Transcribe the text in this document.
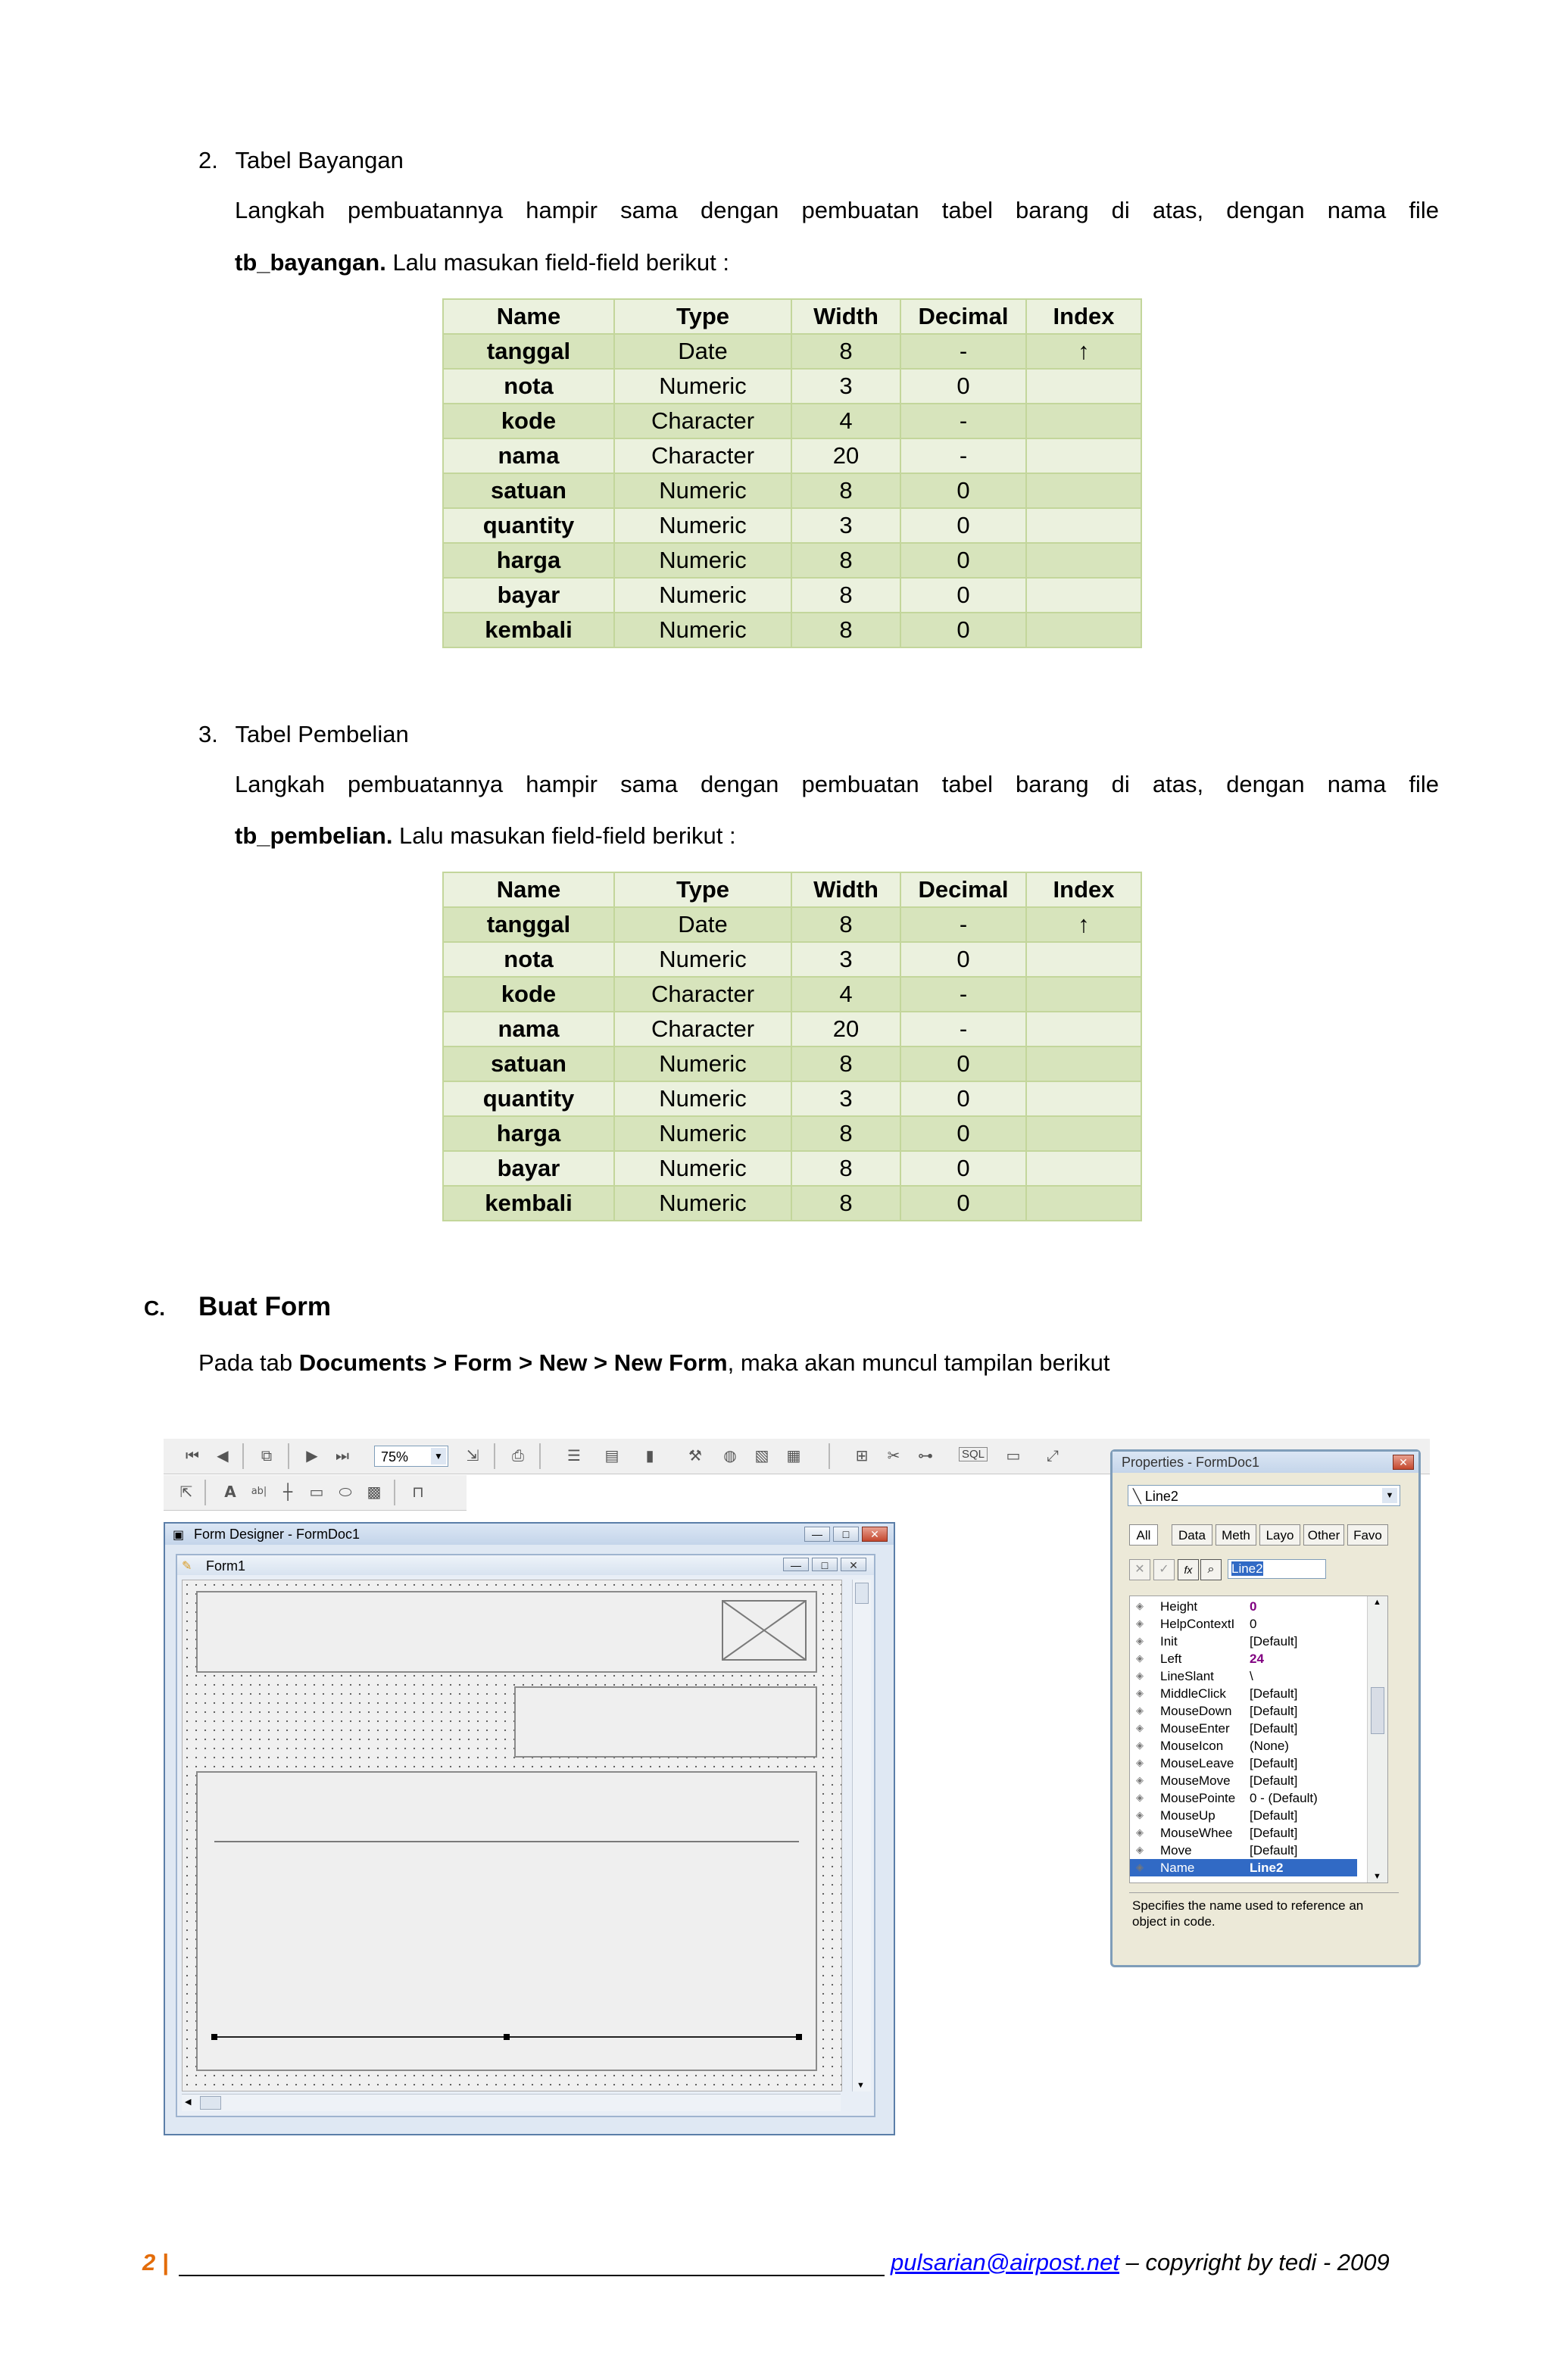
2. Tabel Bayangan
Langkah pembuatannya hampir sama dengan pembuatan tabel barang di atas, dengan nama file
tb_bayangan. Lalu masukan field-field berikut :
Name	Type	Width	Decimal	Index
tanggal	Date	8	-	↑
nota	Numeric	3	0	
kode	Character	4	-	
nama	Character	20	-	
satuan	Numeric	8	0	
quantity	Numeric	3	0	
harga	Numeric	8	0	
bayar	Numeric	8	0	
kembali	Numeric	8	0	
3. Tabel Pembelian
Langkah pembuatannya hampir sama dengan pembuatan tabel barang di atas, dengan nama file
tb_pembelian. Lalu masukan field-field berikut :
Name	Type	Width	Decimal	Index
tanggal	Date	8	-	↑
nota	Numeric	3	0	
kode	Character	4	-	
nama	Character	20	-	
satuan	Numeric	8	0	
quantity	Numeric	3	0	
harga	Numeric	8	0	
bayar	Numeric	8	0	
kembali	Numeric	8	0	
C. Buat Form
Pada tab Documents > Form > New > New Form, maka akan muncul tampilan berikut
⏮ ◀ ⧉ ▶ ⏭	75%	▼ ⇲ ⎙	☰ ▤	▮	⚒ ◍ ▧ ▦	⊞ ✂ ⊶	SQL ▭ ⤢
⇱ A	ab| ┼ ▭ ⬭ ▩ ⊓
▣ Form Designer - FormDoc1	—	□	✕
✎ Form1	—	□	✕
▼
◀
Properties - FormDoc1	✕
╲ Line2	▼
All	Data	Meth	Layo	Other	Favo
✕	✓	fx	⌕	Line2
◈	Height	0
◈	HelpContextI	0
◈	Init	[Default]
◈	Left	24
◈	LineSlant	\
◈	MiddleClick	[Default]
◈	MouseDown	[Default]
◈	MouseEnter	[Default]
◈	MouseIcon	(None)
◈	MouseLeave	[Default]
◈	MouseMove	[Default]
◈	MousePointe	0 - (Default)
◈	MouseUp	[Default]
◈	MouseWhee	[Default]
◈	Move	[Default]
◈	Name	Line2
▲
▼
Specifies the name used to reference an object in code.
2 |	pulsarian@airpost.net – copyright by tedi - 2009
